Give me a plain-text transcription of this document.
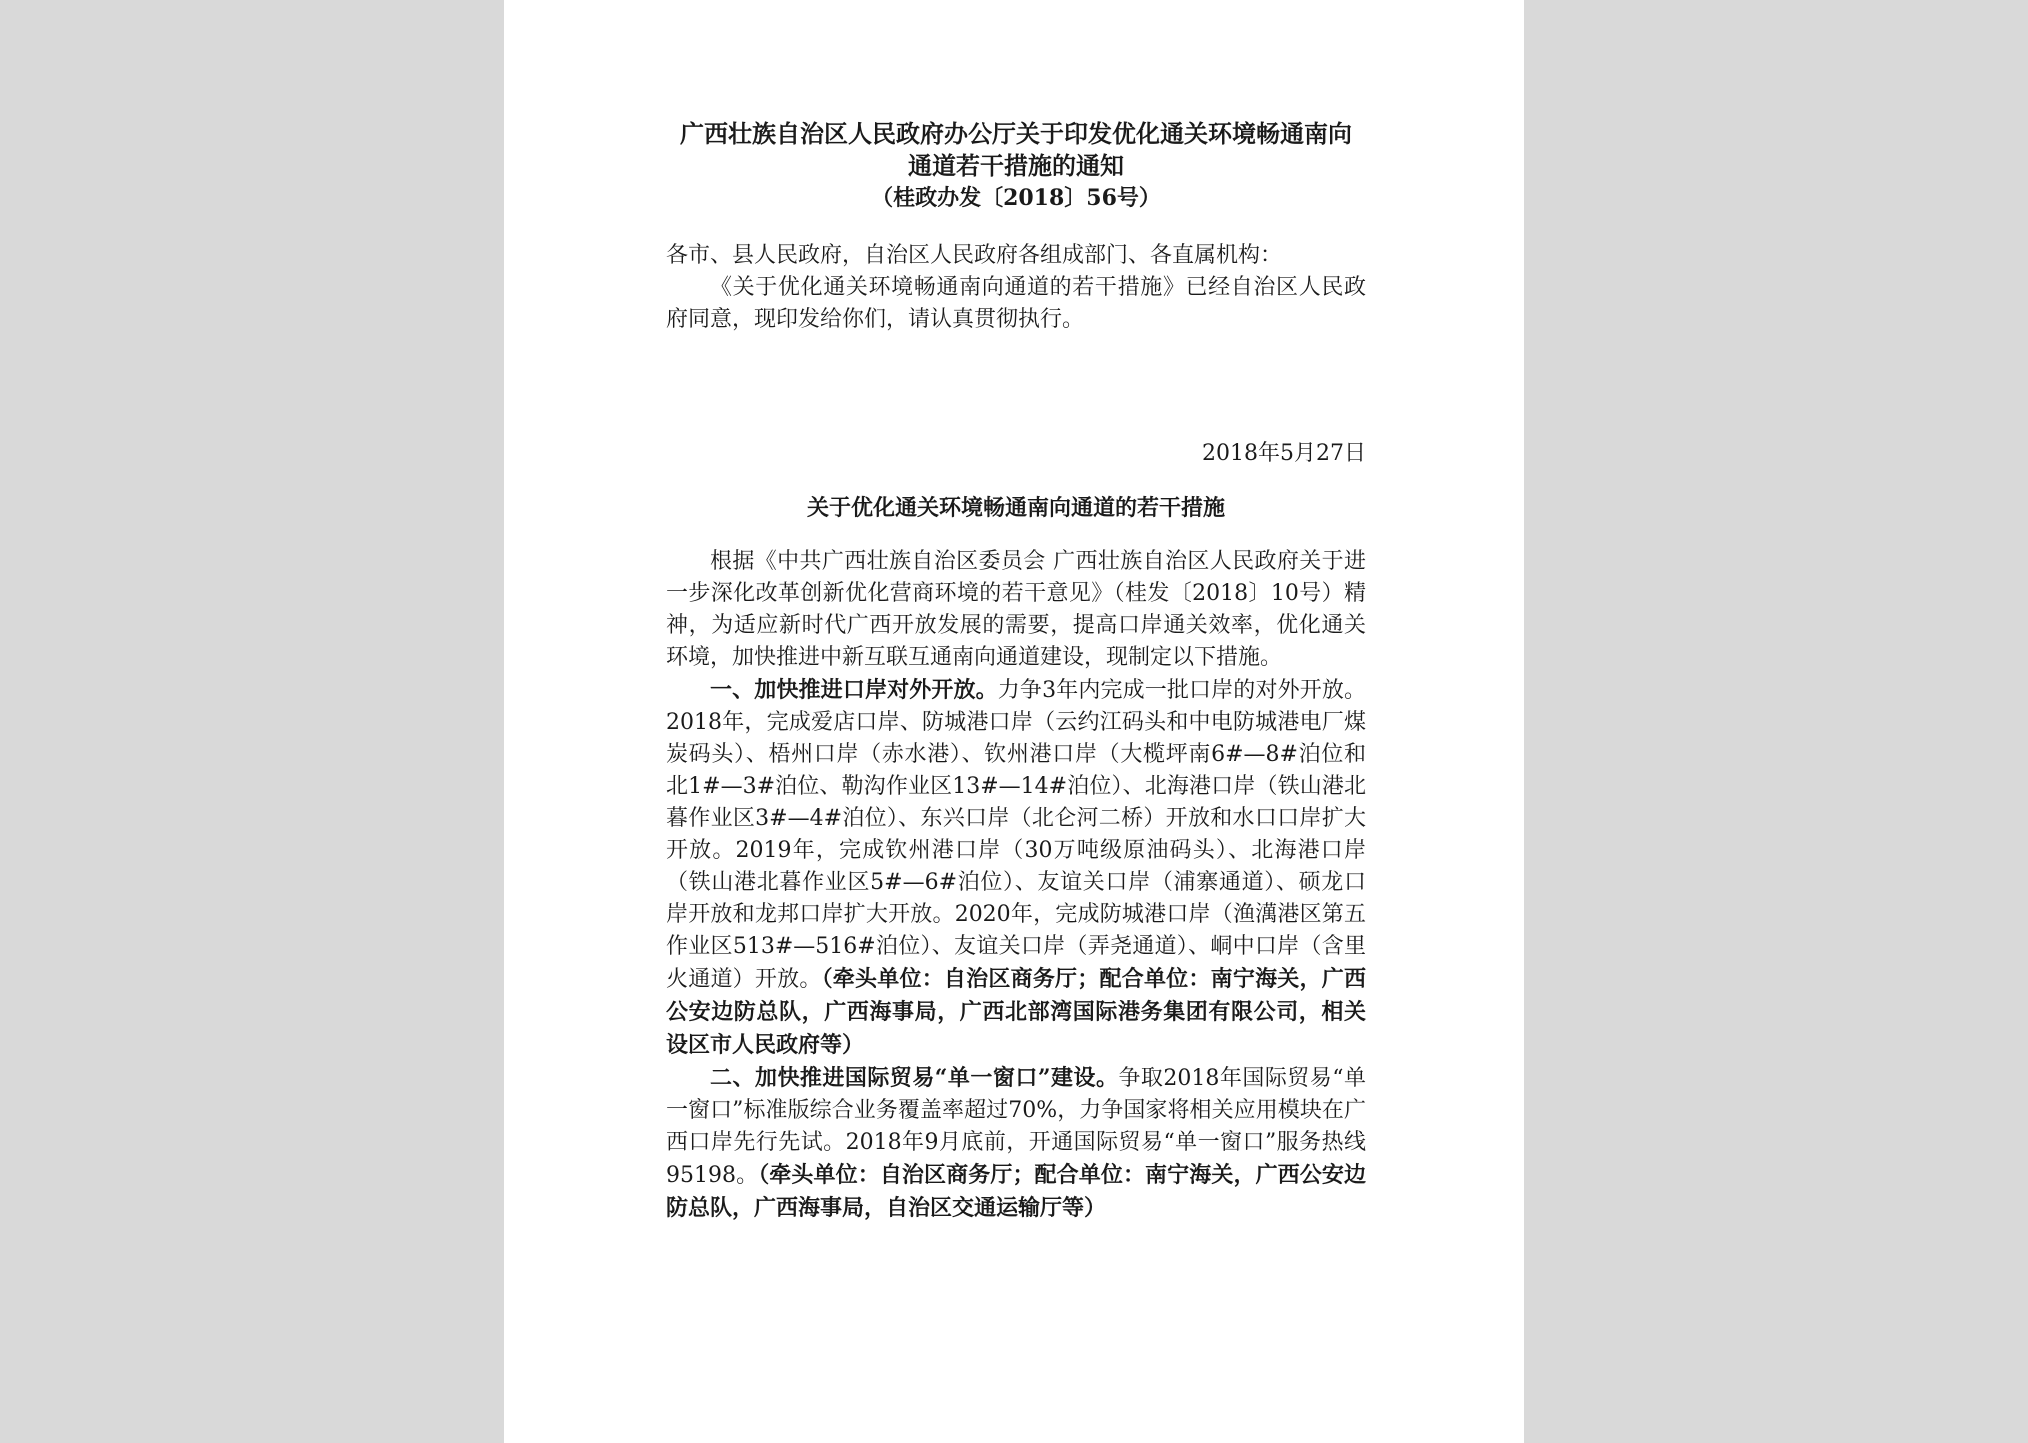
广西壮族自治区人民政府办公厅关于印发优化通关环境畅通南向通道若干措施的通知

（桂政办发〔2018〕56号）

各市、县人民政府，自治区人民政府各组成部门、各直属机构：

《关于优化通关环境畅通南向通道的若干措施》已经自治区人民政府同意，现印发给你们，请认真贯彻执行。

2018年5月27日

关于优化通关环境畅通南向通道的若干措施

根据《中共广西壮族自治区委员会 广西壮族自治区人民政府关于进一步深化改革创新优化营商环境的若干意见》（桂发〔2018〕10号）精神，为适应新时代广西开放发展的需要，提高口岸通关效率，优化通关环境，加快推进中新互联互通南向通道建设，现制定以下措施。

一、加快推进口岸对外开放。力争3年内完成一批口岸的对外开放。2018年，完成爱店口岸、防城港口岸（云约江码头和中电防城港电厂煤炭码头）、梧州口岸（赤水港）、钦州港口岸（大榄坪南6#—8#泊位和北1#—3#泊位、勒沟作业区13#—14#泊位）、北海港口岸（铁山港北暮作业区3#—4#泊位）、东兴口岸（北仑河二桥）开放和水口口岸扩大开放。2019年，完成钦州港口岸（30万吨级原油码头）、北海港口岸（铁山港北暮作业区5#—6#泊位）、友谊关口岸（浦寨通道）、硕龙口岸开放和龙邦口岸扩大开放。2020年，完成防城港口岸（渔澫港区第五作业区513#—516#泊位）、友谊关口岸（弄尧通道）、峒中口岸（含里火通道）开放。（牵头单位：自治区商务厅；配合单位：南宁海关，广西公安边防总队，广西海事局，广西北部湾国际港务集团有限公司，相关设区市人民政府等）

二、加快推进国际贸易“单一窗口”建设。争取2018年国际贸易“单一窗口”标准版综合业务覆盖率超过70%，力争国家将相关应用模块在广西口岸先行先试。2018年9月底前，开通国际贸易“单一窗口”服务热线95198。（牵头单位：自治区商务厅；配合单位：南宁海关，广西公安边防总队，广西海事局，自治区交通运输厅等）
